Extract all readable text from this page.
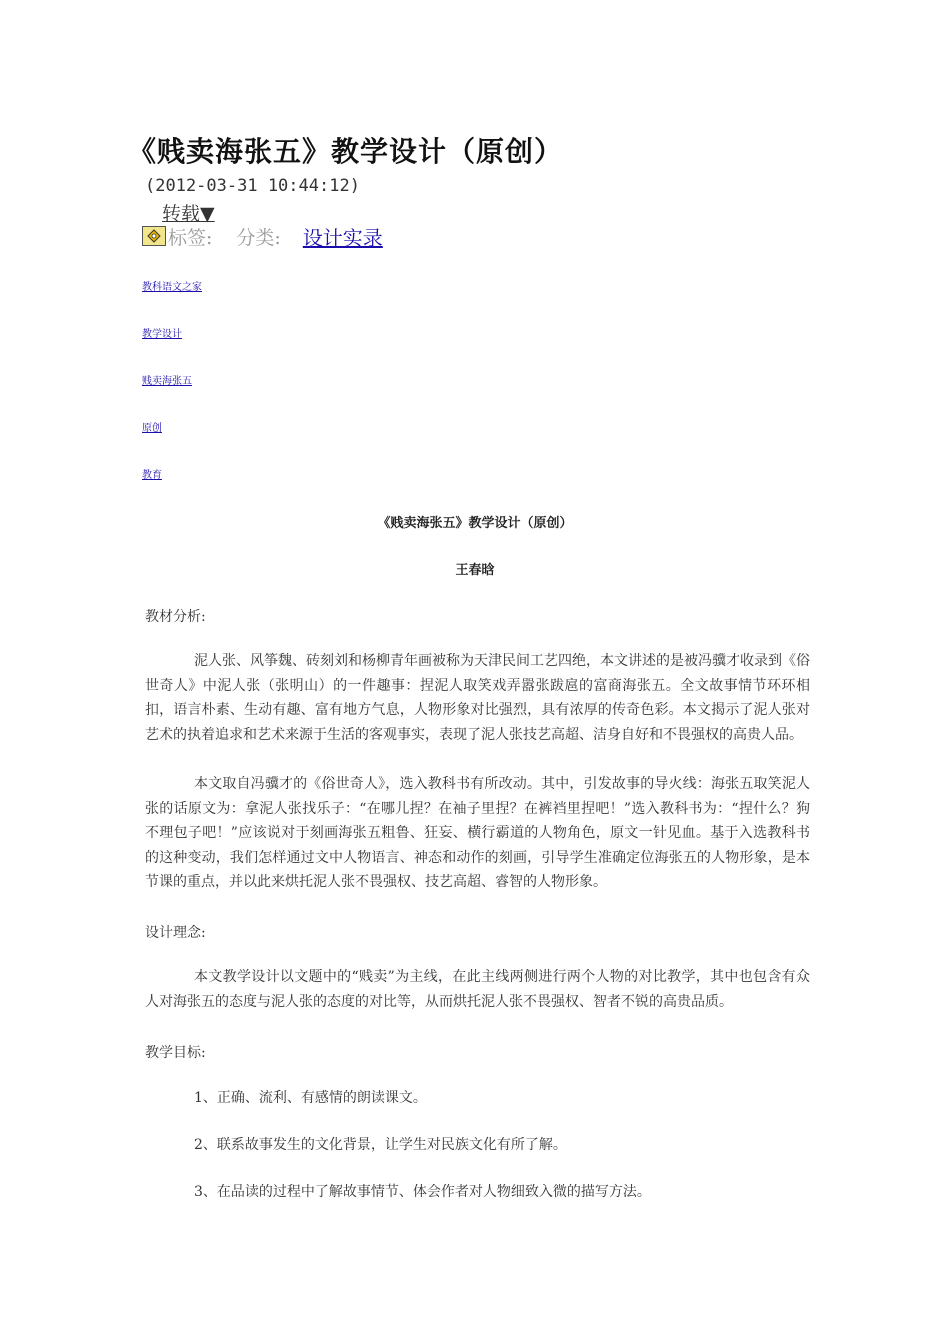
《贱卖海张五》教学设计（原创）
(2012-03-31 10:44:12)
转载▼
标签: 分类: 设计实录
教科语文之家
教学设计
贱卖海张五
原创
教育
《贱卖海张五》教学设计（原创）
王春晗
教材分析:
泥人张、风筝魏、砖刻刘和杨柳青年画被称为天津民间工艺四绝，本文讲述的是被冯骥才收录到《俗世奇人》中泥人张（张明山）的一件趣事：捏泥人取笑戏弄嚣张跋扈的富商海张五。全文故事情节环环相扣，语言朴素、生动有趣、富有地方气息，人物形象对比强烈，具有浓厚的传奇色彩。本文揭示了泥人张对艺术的执着追求和艺术来源于生活的客观事实，表现了泥人张技艺高超、洁身自好和不畏强权的高贵人品。
本文取自冯骥才的《俗世奇人》，选入教科书有所改动。其中，引发故事的导火线：海张五取笑泥人张的话原文为：拿泥人张找乐子：“在哪儿捏？在袖子里捏？在裤裆里捏吧！”选入教科书为：“捏什么？狗不理包子吧！”应该说对于刻画海张五粗鲁、狂妄、横行霸道的人物角色，原文一针见血。基于入选教科书的这种变动，我们怎样通过文中人物语言、神态和动作的刻画，引导学生准确定位海张五的人物形象，是本节课的重点，并以此来烘托泥人张不畏强权、技艺高超、睿智的人物形象。
设计理念:
本文教学设计以文题中的“贱卖”为主线，在此主线两侧进行两个人物的对比教学，其中也包含有众人对海张五的态度与泥人张的态度的对比等，从而烘托泥人张不畏强权、智者不锐的高贵品质。
教学目标:
1、正确、流利、有感情的朗读课文。
2、联系故事发生的文化背景，让学生对民族文化有所了解。
3、在品读的过程中了解故事情节、体会作者对人物细致入微的描写方法。
